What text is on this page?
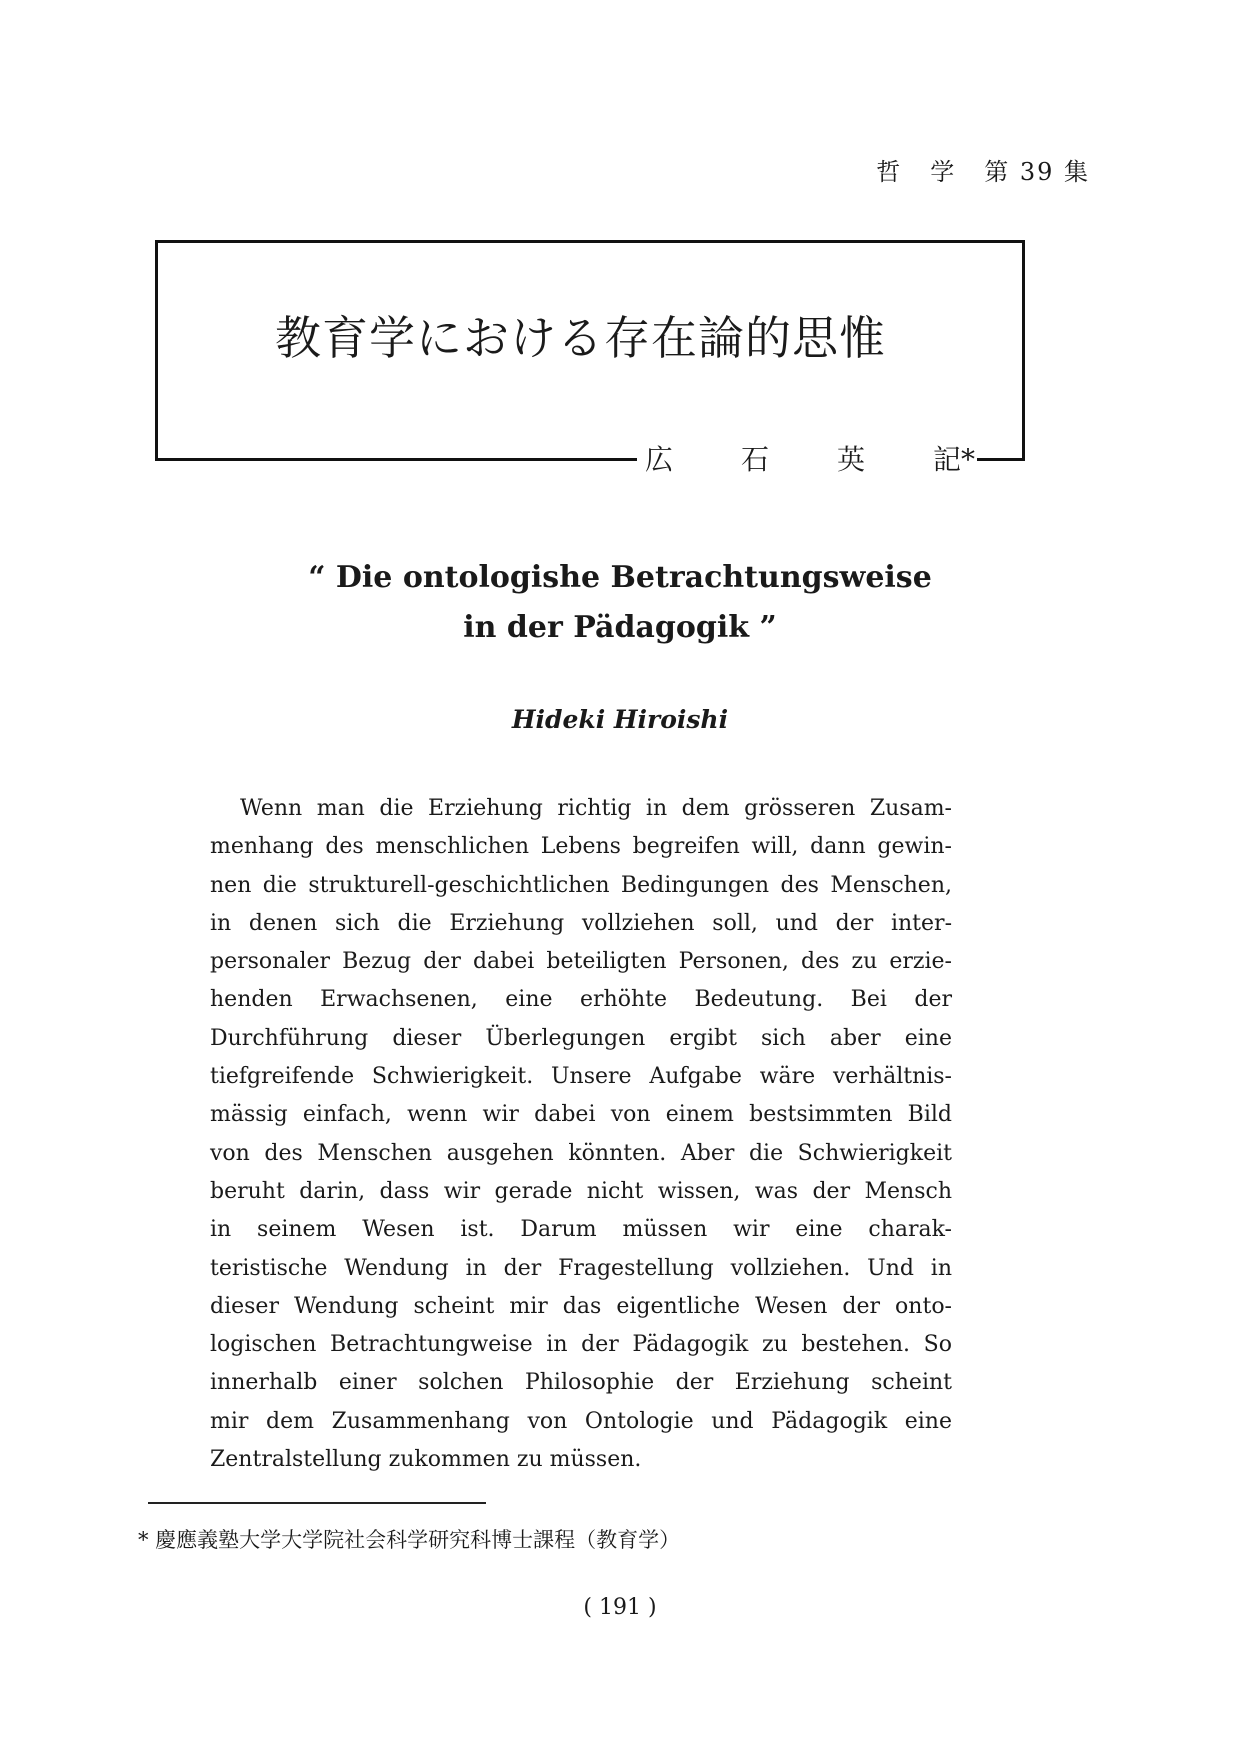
哲 学 第 39 集
教育学における存在論的思惟
広 石 英 記*
“ Die ontologishe Betrachtungsweise
in der Pädagogik ”
Hideki Hiroishi
Wenn man die Erziehung richtig in dem grösseren Zusam-
menhang des menschlichen Lebens begreifen will, dann gewin-
nen die strukturell-geschichtlichen Bedingungen des Menschen,
in denen sich die Erziehung vollziehen soll, und der inter-
personaler Bezug der dabei beteiligten Personen, des zu erzie-
henden Erwachsenen, eine erhöhte Bedeutung. Bei der
Durchführung dieser Überlegungen ergibt sich aber eine
tiefgreifende Schwierigkeit. Unsere Aufgabe wäre verhältnis-
mässig einfach, wenn wir dabei von einem bestsimmten Bild
von des Menschen ausgehen könnten. Aber die Schwierigkeit
beruht darin, dass wir gerade nicht wissen, was der Mensch
in seinem Wesen ist. Darum müssen wir eine charak-
teristische Wendung in der Fragestellung vollziehen. Und in
dieser Wendung scheint mir das eigentliche Wesen der onto-
logischen Betrachtungweise in der Pädagogik zu bestehen. So
innerhalb einer solchen Philosophie der Erziehung scheint
mir dem Zusammenhang von Ontologie und Pädagogik eine
Zentralstellung zukommen zu müssen.
* 慶應義塾大学大学院社会科学研究科博士課程（教育学）
( 191 )
